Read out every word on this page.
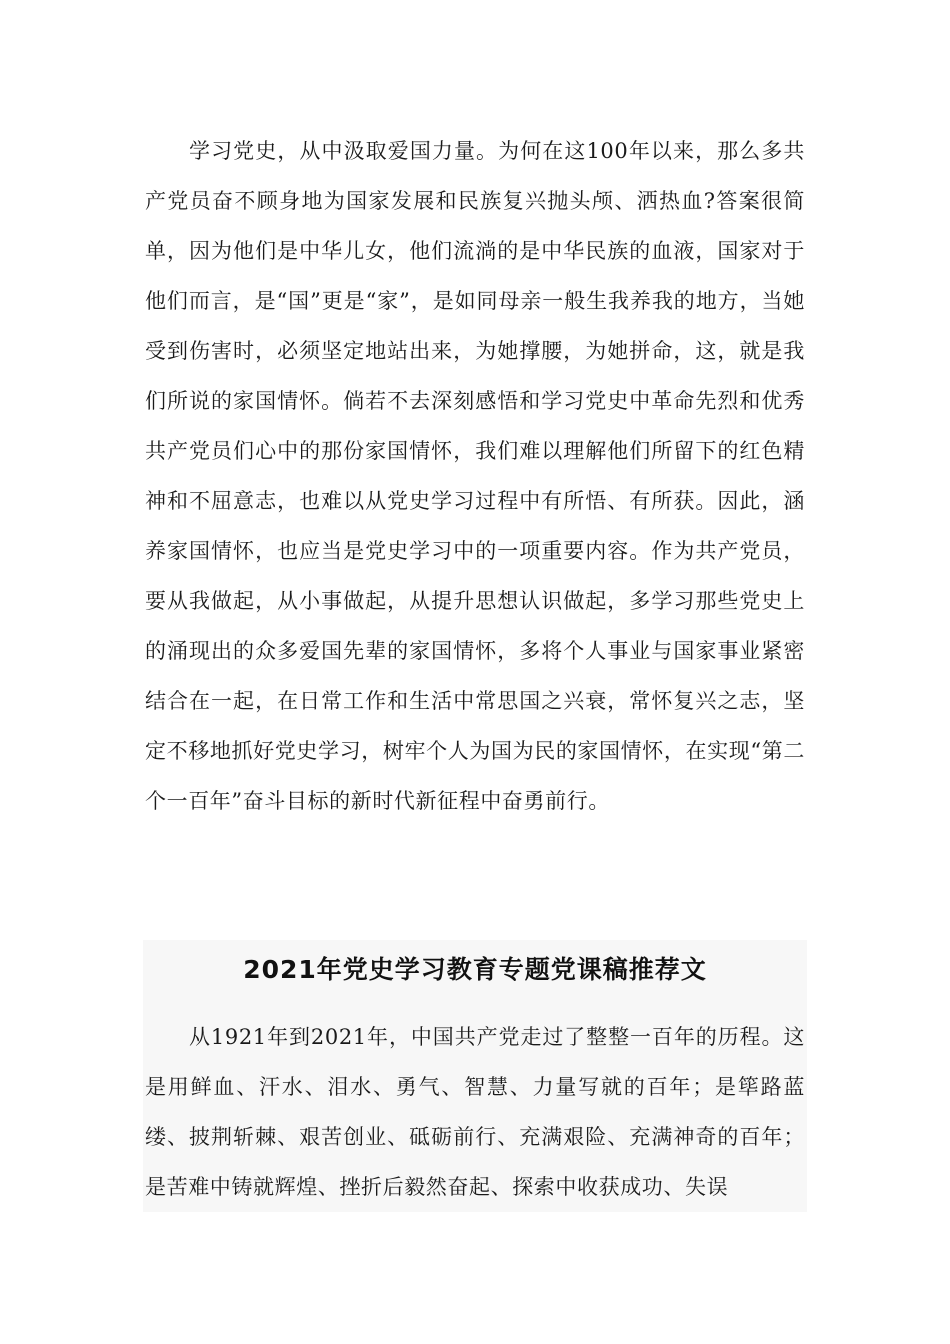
学习党史，从中汲取爱国力量。为何在这100年以来，那么多共产党员奋不顾身地为国家发展和民族复兴抛头颅、洒热血?答案很简单，因为他们是中华儿女，他们流淌的是中华民族的血液，国家对于他们而言，是“国”更是“家”，是如同母亲一般生我养我的地方，当她受到伤害时，必须坚定地站出来，为她撑腰，为她拼命，这，就是我们所说的家国情怀。倘若不去深刻感悟和学习党史中革命先烈和优秀共产党员们心中的那份家国情怀，我们难以理解他们所留下的红色精神和不屈意志，也难以从党史学习过程中有所悟、有所获。因此，涵养家国情怀，也应当是党史学习中的一项重要内容。作为共产党员，要从我做起，从小事做起，从提升思想认识做起，多学习那些党史上的涌现出的众多爱国先辈的家国情怀，多将个人事业与国家事业紧密结合在一起，在日常工作和生活中常思国之兴衰，常怀复兴之志，坚定不移地抓好党史学习，树牢个人为国为民的家国情怀，在实现“第二个一百年”奋斗目标的新时代新征程中奋勇前行。

2021年党史学习教育专题党课稿推荐文

从1921年到2021年，中国共产党走过了整整一百年的历程。这是用鲜血、汗水、泪水、勇气、智慧、力量写就的百年；是筚路蓝缕、披荆斩棘、艰苦创业、砥砺前行、充满艰险、充满神奇的百年；是苦难中铸就辉煌、挫折后毅然奋起、探索中收获成功、失误
